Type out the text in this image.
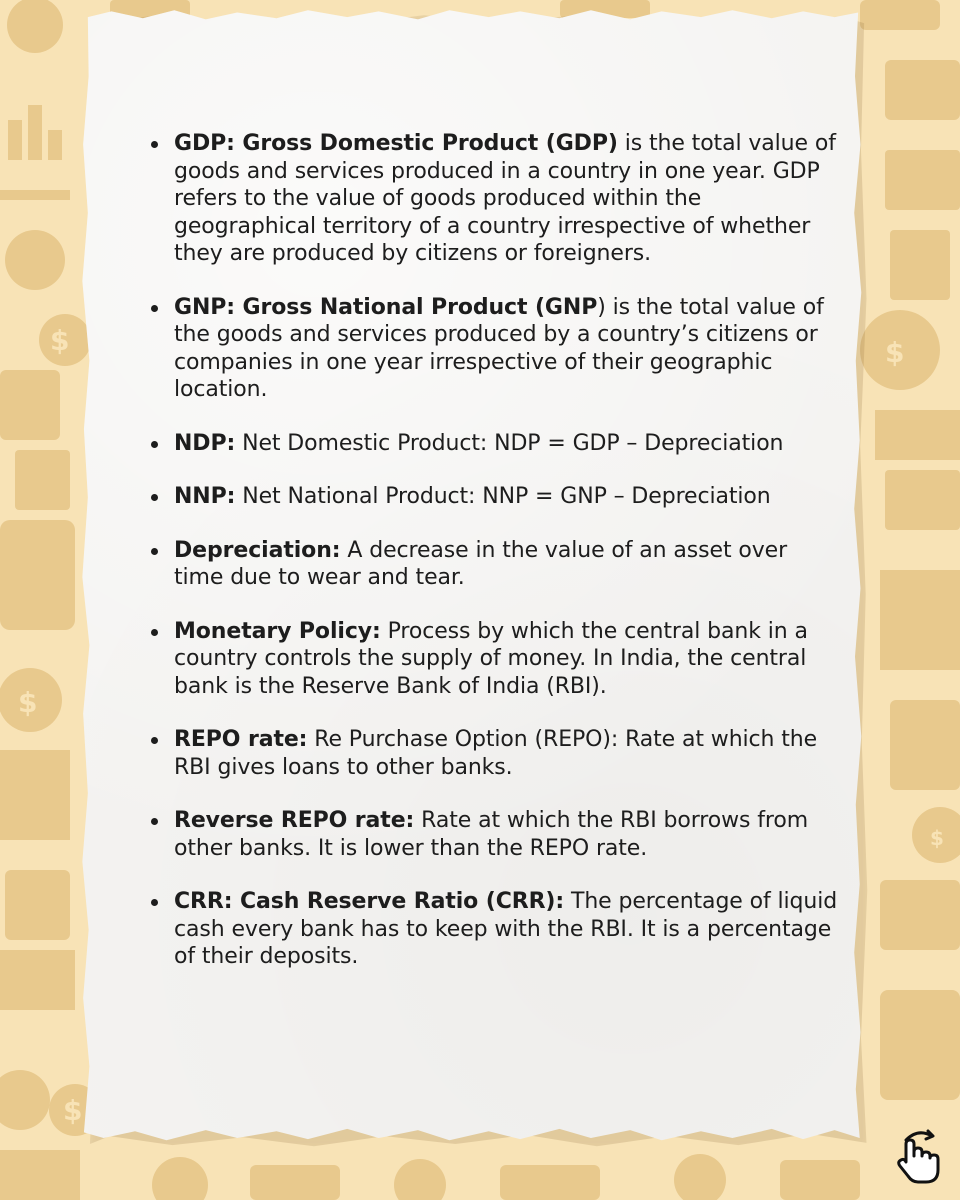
$	$
$
$
$
GDP: Gross Domestic Product (GDP) is the total value of goods and services produced in a country in one year. GDP refers to the value of goods produced within the geographical territory of a country irrespective of whether they are produced by citizens or foreigners.
GNP: Gross National Product (GNP) is the total value of the goods and services produced by a country’s citizens or companies in one year irrespective of their geographic location.
NDP: Net Domestic Product: NDP = GDP – Depreciation
NNP: Net National Product: NNP = GNP – Depreciation
Depreciation: A decrease in the value of an asset over time due to wear and tear.
Monetary Policy: Process by which the central bank in a country controls the supply of money. In India, the central bank is the Reserve Bank of India (RBI).
REPO rate: Re Purchase Option (REPO): Rate at which the RBI gives loans to other banks.
Reverse REPO rate: Rate at which the RBI borrows from other banks. It is lower than the REPO rate.
CRR: Cash Reserve Ratio (CRR): The percentage of liquid cash every bank has to keep with the RBI. It is a percentage of their deposits.
